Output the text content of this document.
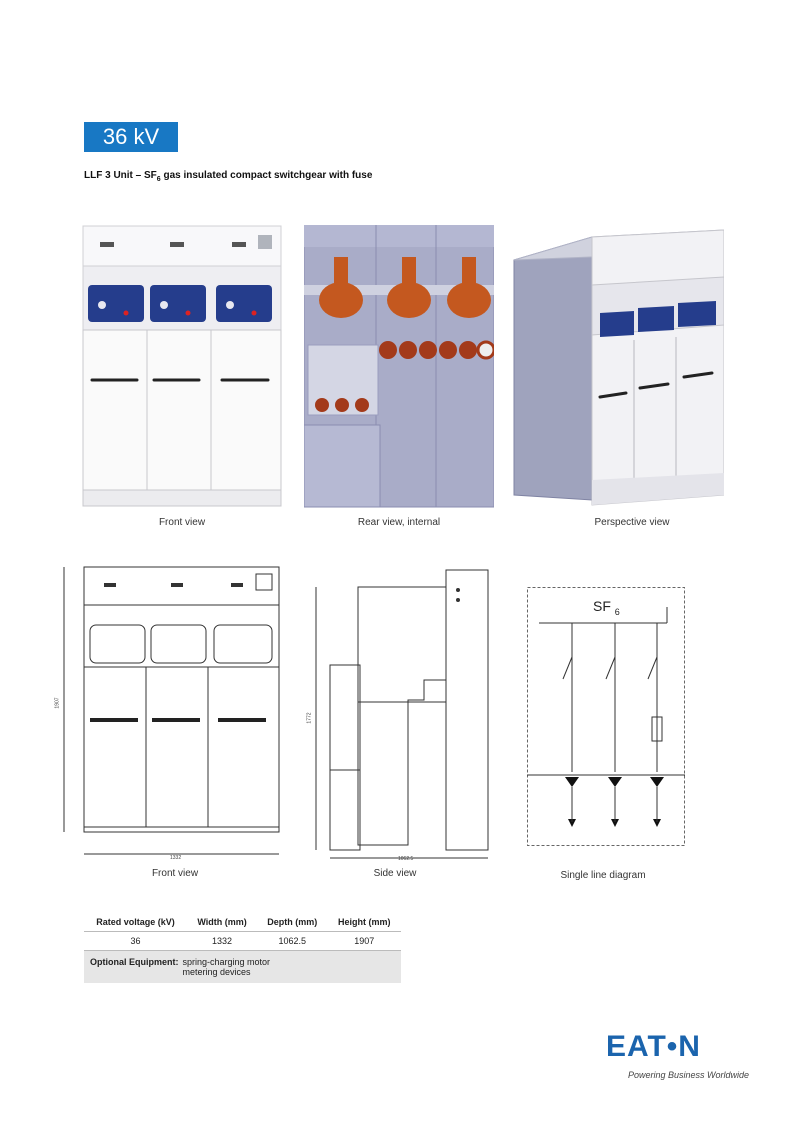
36 kV
LLF 3 Unit – $SF_6$ gas insulated compact switchgear with fuse
Front view	Rear view, internal	Perspective view
1907
1332
Front view
1772
1062.5
Side view
SF $_6$
Single line diagram
Rated voltage (kV)	Width (mm)	Depth (mm)	Height (mm)
36	1332	1062.5	1907
Optional Equipment: spring-charging motor
metering devices
EAT•N
Powering Business Worldwide
